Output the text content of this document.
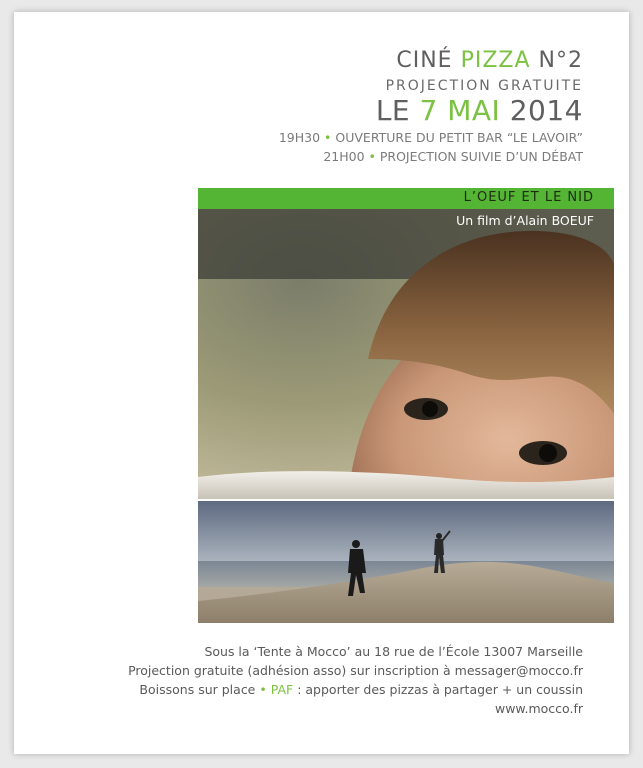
CINÉ PIZZA N°2
PROJECTION GRATUITE
LE 7 MAI 2014
19H30 • OUVERTURE DU PETIT BAR “LE LAVOIR”
21H00 • PROJECTION SUIVIE D’UN DÉBAT
L’OEUF ET LE NID
Un film d’Alain BOEUF
Sous la ‘Tente à Mocco’ au 18 rue de l’École 13007 Marseille
Projection gratuite (adhésion asso) sur inscription à messager@mocco.fr
Boissons sur place • PAF : apporter des pizzas à partager + un coussin
www.mocco.fr
